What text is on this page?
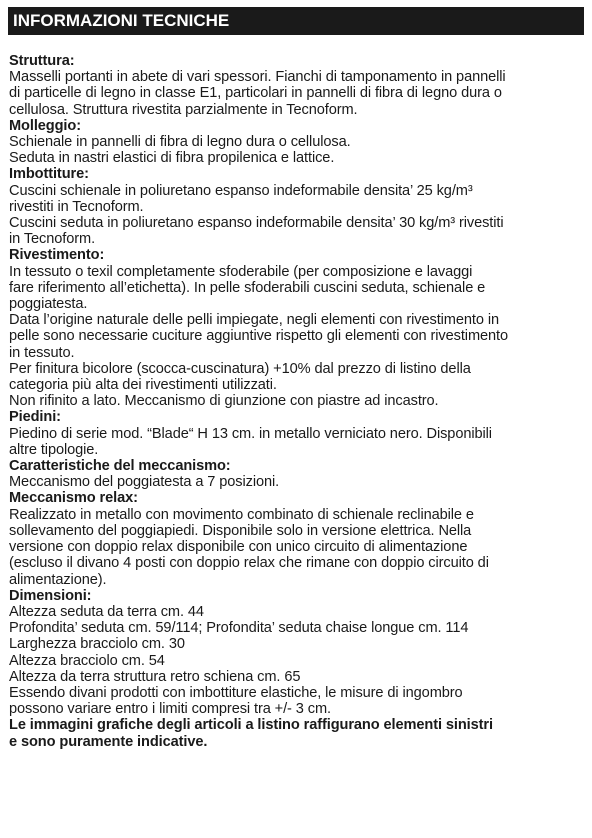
INFORMAZIONI TECNICHE
Struttura:
Masselli portanti in abete di vari spessori. Fianchi di tamponamento in pannelli
di particelle di legno in classe E1, particolari in pannelli di fibra di legno dura o
cellulosa. Struttura rivestita parzialmente in Tecnoform.
Molleggio:
Schienale in pannelli di fibra di legno dura o cellulosa.
Seduta in nastri elastici di fibra propilenica e lattice.
Imbottiture:
Cuscini schienale in poliuretano espanso indeformabile densita’ 25 kg/m³
rivestiti in Tecnoform.
Cuscini seduta in poliuretano espanso indeformabile densita’ 30 kg/m³ rivestiti
in Tecnoform.
Rivestimento:
In tessuto o texil completamente sfoderabile (per composizione e lavaggi
fare riferimento all’etichetta). In pelle sfoderabili cuscini seduta, schienale e
poggiatesta.
Data l’origine naturale delle pelli impiegate, negli elementi con rivestimento in
pelle sono necessarie cuciture aggiuntive rispetto gli elementi con rivestimento
in tessuto.
Per finitura bicolore (scocca-cuscinatura) +10% dal prezzo di listino della
categoria più alta dei rivestimenti utilizzati.
Non rifinito a lato. Meccanismo di giunzione con piastre ad incastro.
Piedini:
Piedino di serie mod. “Blade“ H 13 cm. in metallo verniciato nero. Disponibili
altre tipologie.
Caratteristiche del meccanismo:
Meccanismo del poggiatesta a 7 posizioni.
Meccanismo relax:
Realizzato in metallo con movimento combinato di schienale reclinabile e
sollevamento del poggiapiedi. Disponibile solo in versione elettrica. Nella
versione con doppio relax disponibile con unico circuito di alimentazione
(escluso il divano 4 posti con doppio relax che rimane con doppio circuito di
alimentazione).
Dimensioni:
Altezza seduta da terra cm. 44
Profondita’ seduta cm. 59/114; Profondita’ seduta chaise longue cm. 114
Larghezza bracciolo cm. 30
Altezza bracciolo cm. 54
Altezza da terra struttura retro schiena cm. 65
Essendo divani prodotti con imbottiture elastiche, le misure di ingombro
possono variare entro i limiti compresi tra +/- 3 cm.
Le immagini grafiche degli articoli a listino raffigurano elementi sinistri
e sono puramente indicative.
